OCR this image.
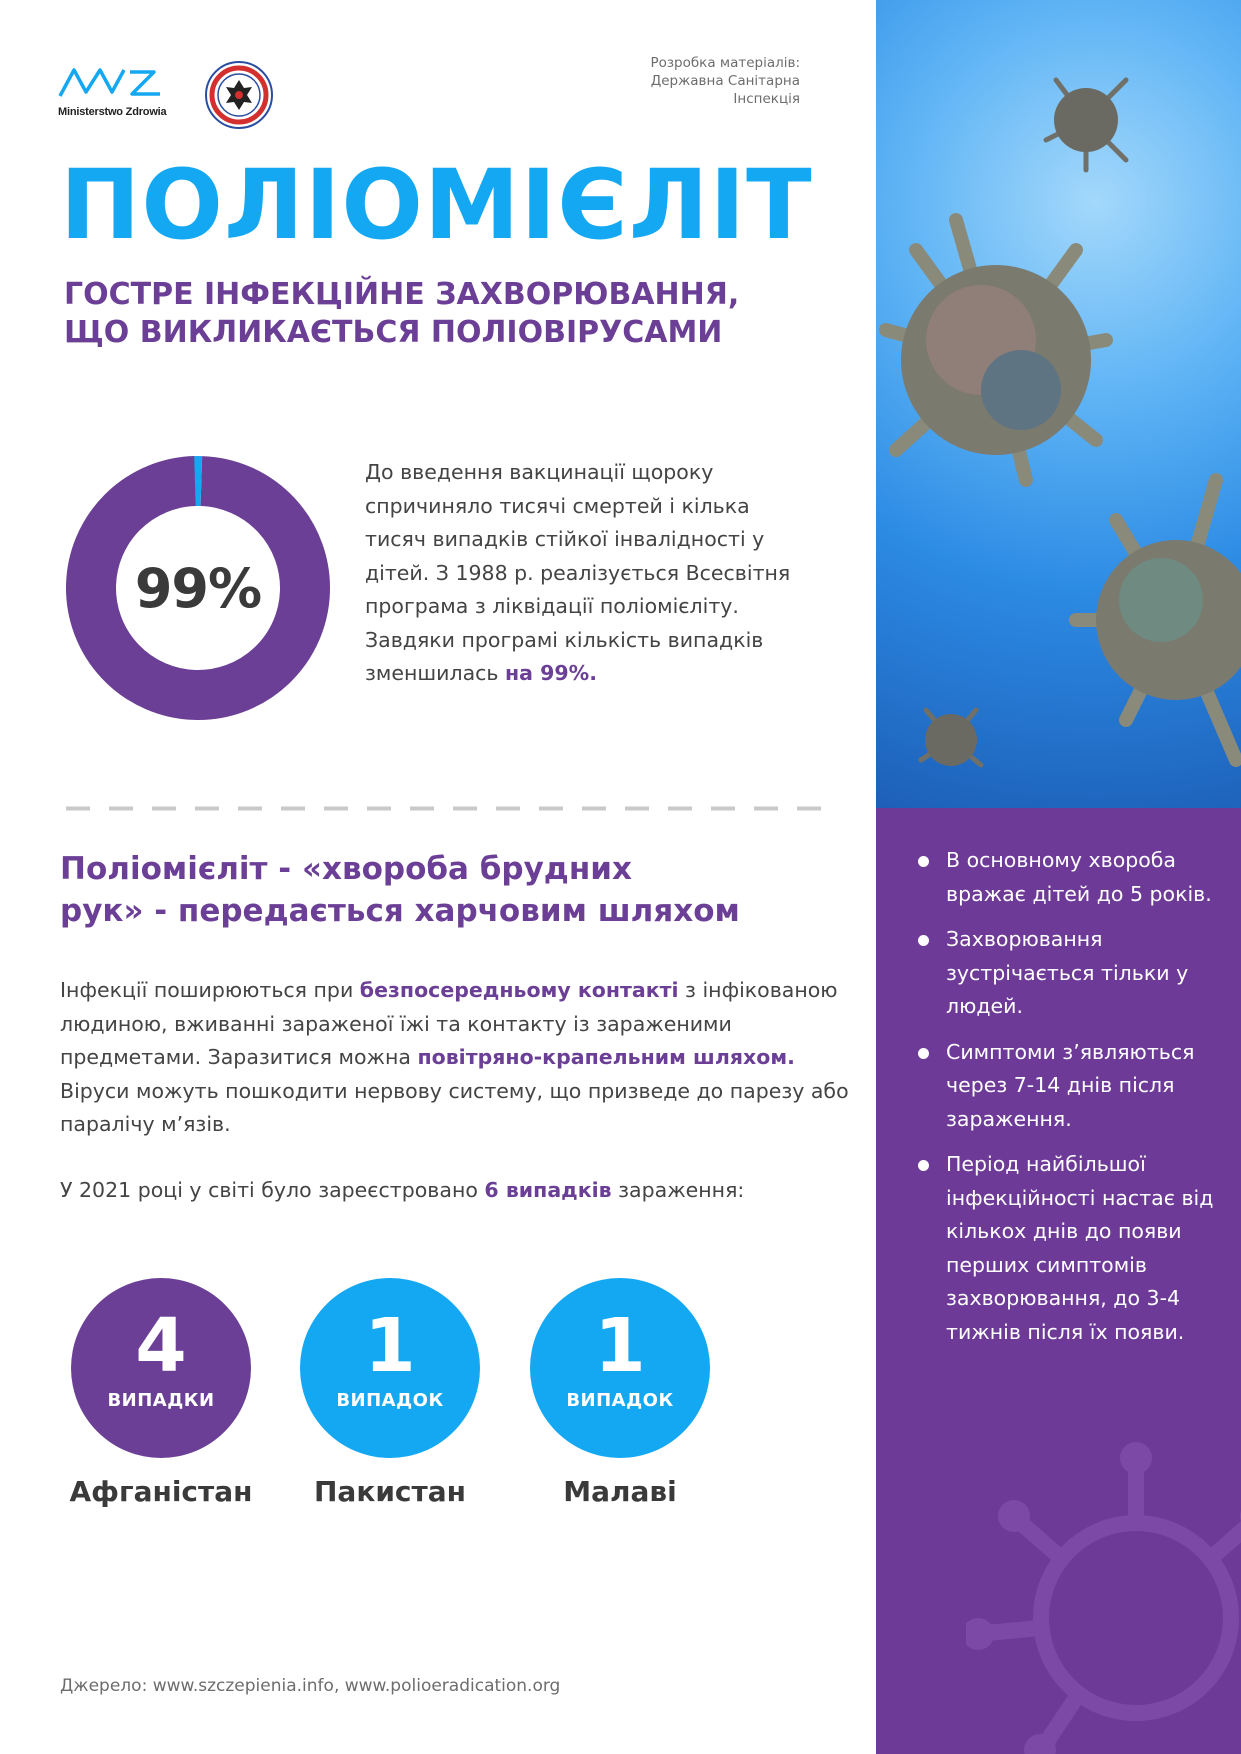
Ministerstwo Zdrowia
Розробка матеріалів:
Державна Санітарна
Інспекція
ПОЛІОМІЄЛІТ
ГОСТРЕ ІНФЕКЦІЙНЕ ЗАХВОРЮВАННЯ,
ЩО ВИКЛИКАЄТЬСЯ ПОЛІОВІРУСАМИ
99%

До введення вакцинації щороку спричиняло тисячі смертей і кілька тисяч випадків стійкої інвалідності у дітей. З 1988 р. реалізується Всесвітня програма з ліквідації поліомієліту. Завдяки програмі кількість випадків зменшилась на 99%.

Поліомієліт - «хвороба брудних
рук» - передається харчовим шляхом

Інфекції поширюються при безпосередньому контакті з інфікованою людиною, вживанні зараженої їжі та контакту із зараженими предметами. Заразитися можна повітряно-крапельним шляхом. Віруси можуть пошкодити нервову систему, що призведе до парезу або паралічу м’язів.

У 2021 році у світі було зареєстровано 6 випадків зараження:

4
ВИПАДКИ
Афганістан
1
ВИПАДОК
Пакистан
1
ВИПАДОК
Малаві
Джерело: www.szczepienia.info, www.polioeradication.org
В основному хвороба вражає дітей до 5 років.
Захворювання зустрічається тільки у людей.
Симптоми з’являються через 7-14 днів після зараження.
Період найбільшої інфекційності настає від кількох днів до появи перших симптомів захворювання, до 3-4 тижнів після їх появи.
